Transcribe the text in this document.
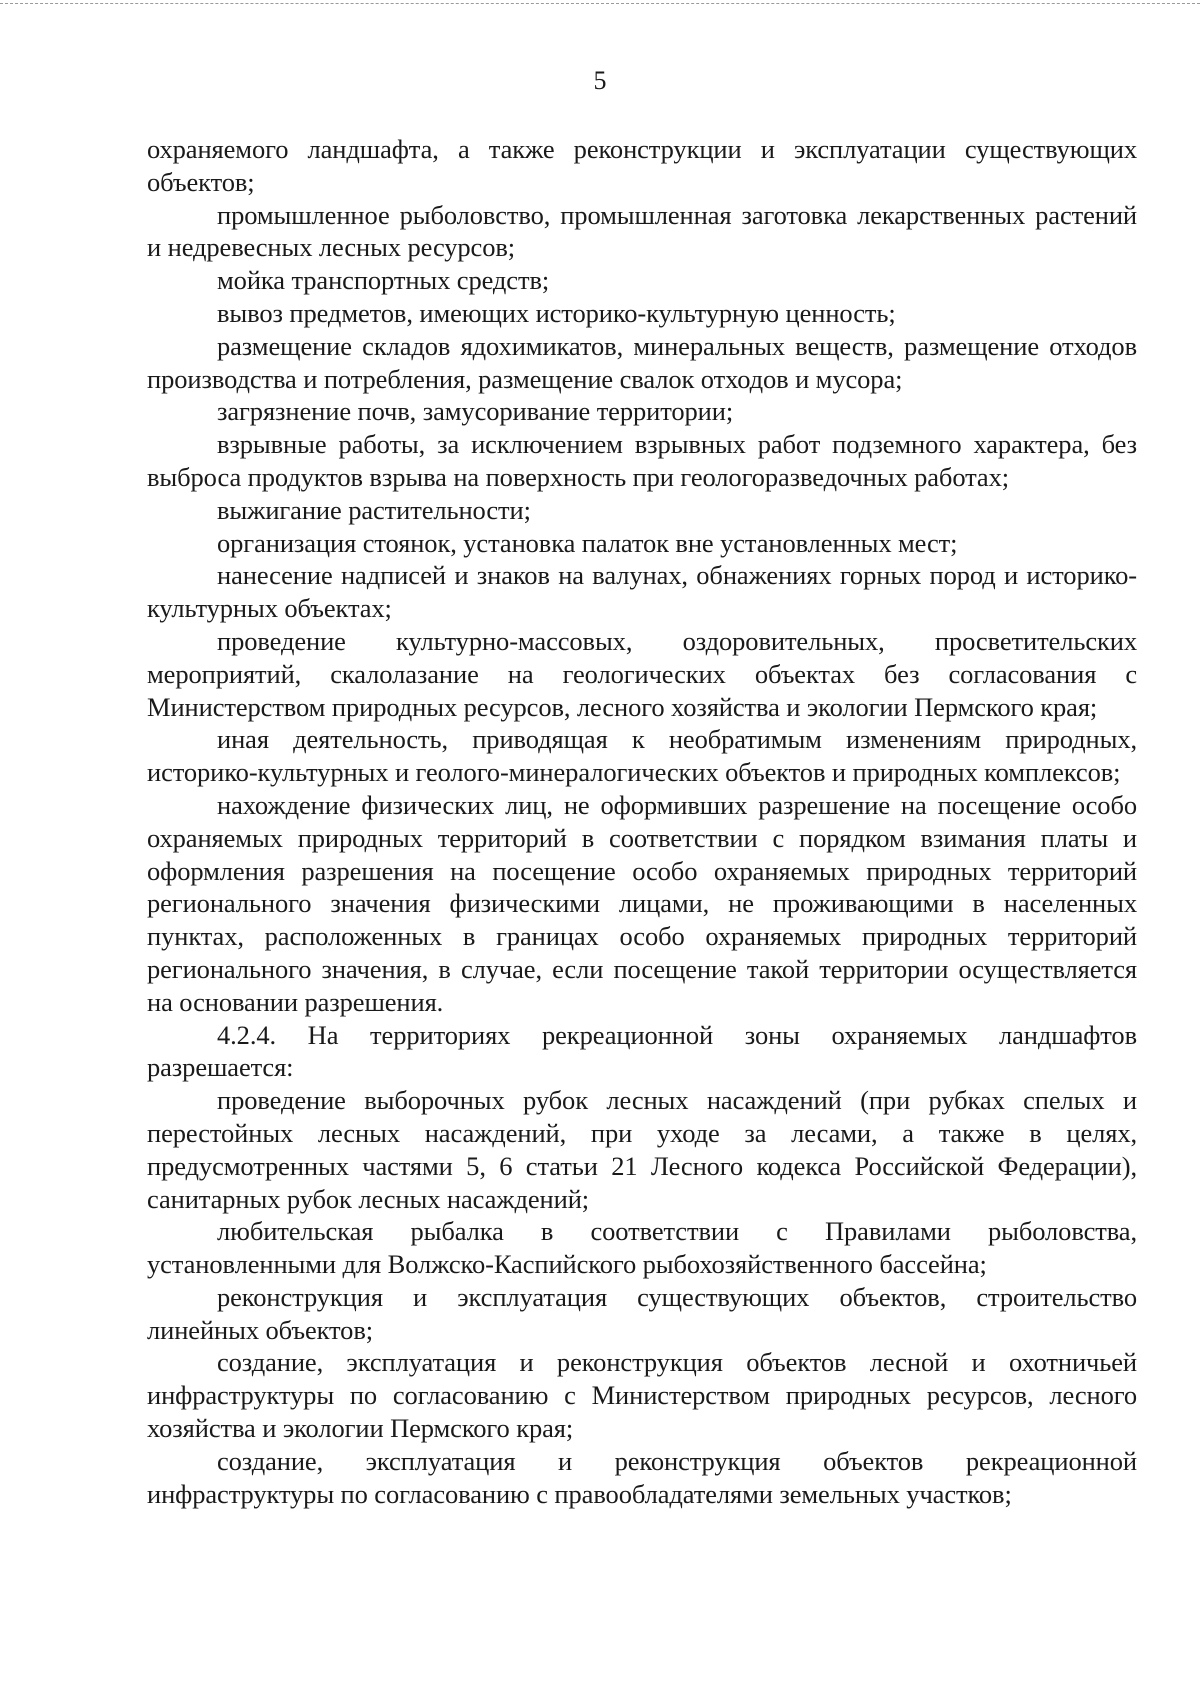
5

охраняемого ландшафта, а также реконструкции и эксплуатации существующих объектов;

промышленное рыболовство, промышленная заготовка лекарственных растений и недревесных лесных ресурсов;

мойка транспортных средств;

вывоз предметов, имеющих историко-культурную ценность;

размещение складов ядохимикатов, минеральных веществ, размещение отходов производства и потребления, размещение свалок отходов и мусора;

загрязнение почв, замусоривание территории;

взрывные работы, за исключением взрывных работ подземного характера, без выброса продуктов взрыва на поверхность при геологоразведочных работах;

выжигание растительности;

организация стоянок, установка палаток вне установленных мест;

нанесение надписей и знаков на валунах, обнажениях горных пород и историко-культурных объектах;

проведение культурно-массовых, оздоровительных, просветительских мероприятий, скалолазание на геологических объектах без согласования с Министерством природных ресурсов, лесного хозяйства и экологии Пермского края;

иная деятельность, приводящая к необратимым изменениям природных, историко-культурных и геолого-минералогических объектов и природных комплексов;

нахождение физических лиц, не оформивших разрешение на посещение особо охраняемых природных территорий в соответствии с порядком взимания платы и оформления разрешения на посещение особо охраняемых природных территорий регионального значения физическими лицами, не проживающими в населенных пунктах, расположенных в границах особо охраняемых природных территорий регионального значения, в случае, если посещение такой территории осуществляется на основании разрешения.

4.2.4. На территориях рекреационной зоны охраняемых ландшафтов разрешается:

проведение выборочных рубок лесных насаждений (при рубках спелых и перестойных лесных насаждений, при уходе за лесами, а также в целях, предусмотренных частями 5, 6 статьи 21 Лесного кодекса Российской Федерации), санитарных рубок лесных насаждений;

любительская рыбалка в соответствии с Правилами рыболовства, установленными для Волжско-Каспийского рыбохозяйственного бассейна;

реконструкция и эксплуатация существующих объектов, строительство линейных объектов;

создание, эксплуатация и реконструкция объектов лесной и охотничьей инфраструктуры по согласованию с Министерством природных ресурсов, лесного хозяйства и экологии Пермского края;

создание, эксплуатация и реконструкция объектов рекреационной инфраструктуры по согласованию с правообладателями земельных участков;
